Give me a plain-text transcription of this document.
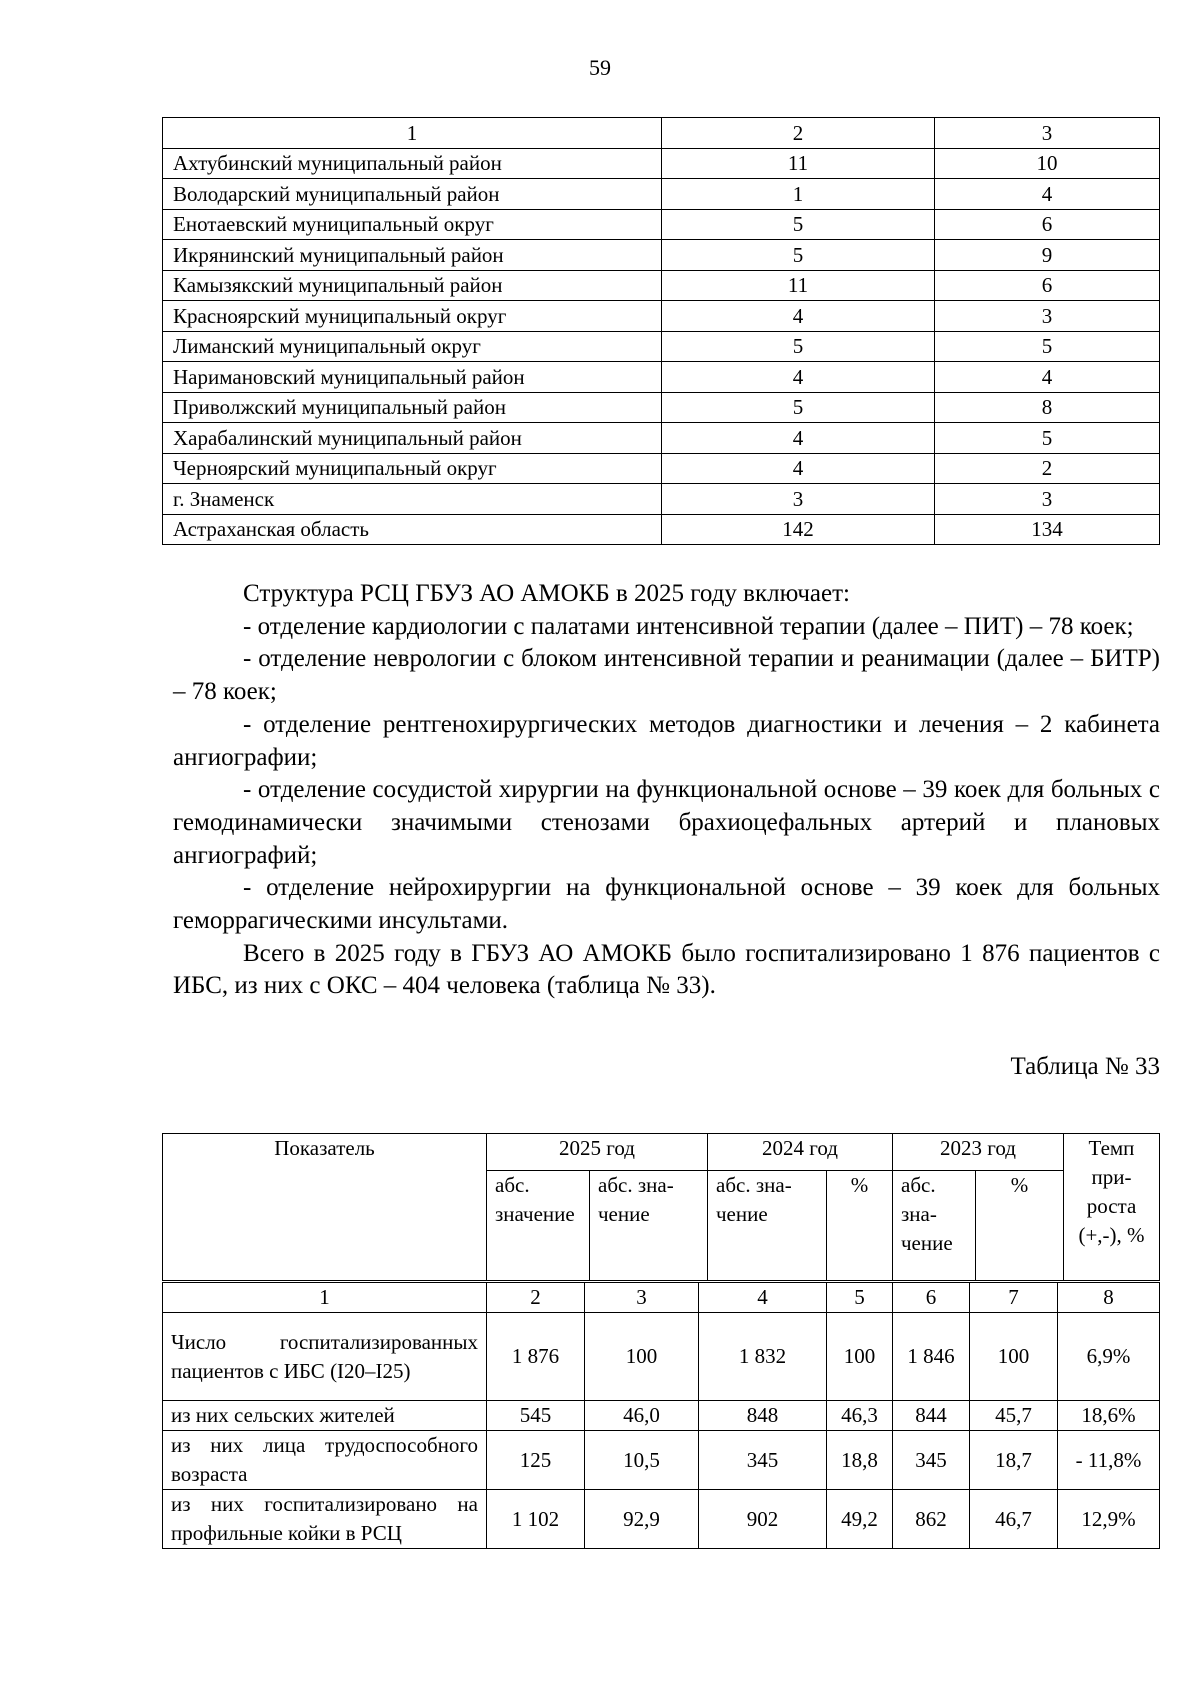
59
1	2	3
Ахтубинский муниципальный район	11	10
Володарский муниципальный район	1	4
Енотаевский муниципальный округ	5	6
Икрянинский муниципальный район	5	9
Камызякский муниципальный район	11	6
Красноярский муниципальный округ	4	3
Лиманский муниципальный округ	5	5
Наримановский муниципальный район	4	4
Приволжский муниципальный район	5	8
Харабалинский муниципальный район	4	5
Черноярский муниципальный округ	4	2
г. Знаменск	3	3
Астраханская область	142	134

Структура РСЦ ГБУЗ АО АМОКБ в 2025 году включает:

- отделение кардиологии с палатами интенсивной терапии (далее – ПИТ) – 78 коек;

- отделение неврологии с блоком интенсивной терапии и реанимации (далее – БИТР) – 78 коек;

- отделение рентгенохирургических методов диагностики и лечения – 2 кабинета ангиографии;

- отделение сосудистой хирургии на функциональной основе – 39 коек для больных с гемодинамически значимыми стенозами брахиоцефальных артерий и плановых ангиографий;

- отделение нейрохирургии на функциональной основе – 39 коек для больных геморрагическими инсультами.

Всего в 2025 году в ГБУЗ АО АМОКБ было госпитализировано 1 876 пациентов с ИБС, из них с ОКС – 404 человека (таблица № 33).

Таблица № 33
Показатель	2025 год		2024 год		2023 год		Темп прироста (+,-), %
	абс. значение	абс. значение	абс. значение	%	абс. значение	%	
1	2	3	4	5	6	7	8
Число госпитализированных пациентов с ИБС (I20–I25)	1 876	100	1 832	100	1 846	100	6,9%
из них сельских жителей	545	46,0	848	46,3	844	45,7	18,6%
из них лица трудоспособного возраста	125	10,5	345	18,8	345	18,7	- 11,8%
из них госпитализировано на профильные койки в РСЦ	1 102	92,9	902	49,2	862	46,7	12,9%
